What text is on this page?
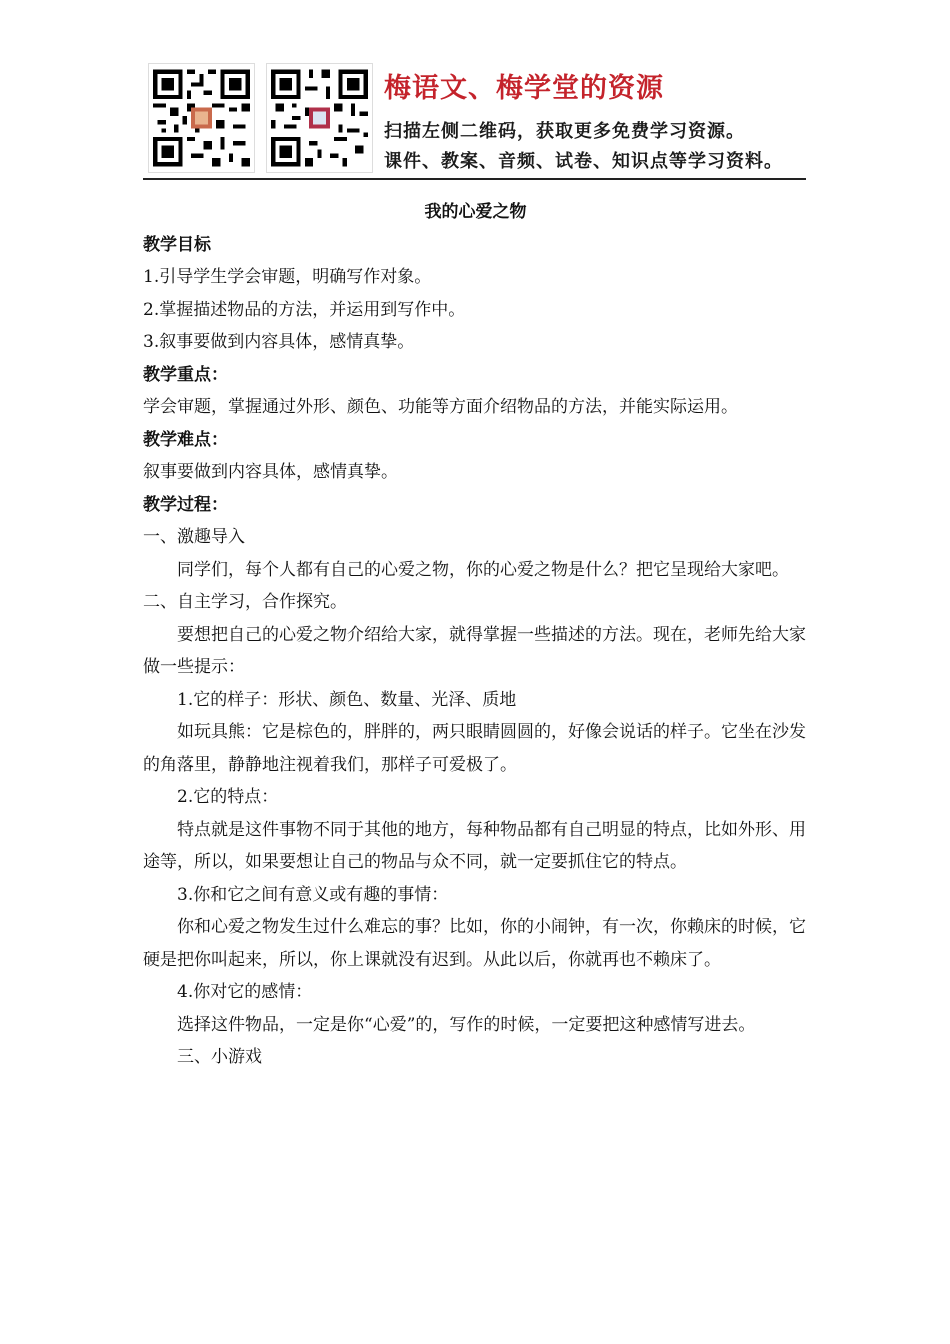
梅语文、梅学堂的资源
扫描左侧二维码，获取更多免费学习资源。
课件、教案、音频、试卷、知识点等学习资料。

我的心爱之物

教学目标

1.引导学生学会审题，明确写作对象。

2.掌握描述物品的方法，并运用到写作中。

3.叙事要做到内容具体，感情真挚。

教学重点：

学会审题，掌握通过外形、颜色、功能等方面介绍物品的方法，并能实际运用。

教学难点：

叙事要做到内容具体，感情真挚。

教学过程：

一、激趣导入

同学们，每个人都有自己的心爱之物，你的心爱之物是什么？把它呈现给大家吧。

二、自主学习，合作探究。

要想把自己的心爱之物介绍给大家，就得掌握一些描述的方法。现在，老师先给大家做一些提示：

1.它的样子：形状、颜色、数量、光泽、质地

如玩具熊：它是棕色的，胖胖的，两只眼睛圆圆的，好像会说话的样子。它坐在沙发的角落里，静静地注视着我们，那样子可爱极了。

2.它的特点：

特点就是这件事物不同于其他的地方，每种物品都有自己明显的特点，比如外形、用途等，所以，如果要想让自己的物品与众不同，就一定要抓住它的特点。

3.你和它之间有意义或有趣的事情：

你和心爱之物发生过什么难忘的事？比如，你的小闹钟，有一次，你赖床的时候，它硬是把你叫起来，所以，你上课就没有迟到。从此以后，你就再也不赖床了。

4.你对它的感情：

选择这件物品，一定是你“心爱”的，写作的时候，一定要把这种感情写进去。

三、小游戏
